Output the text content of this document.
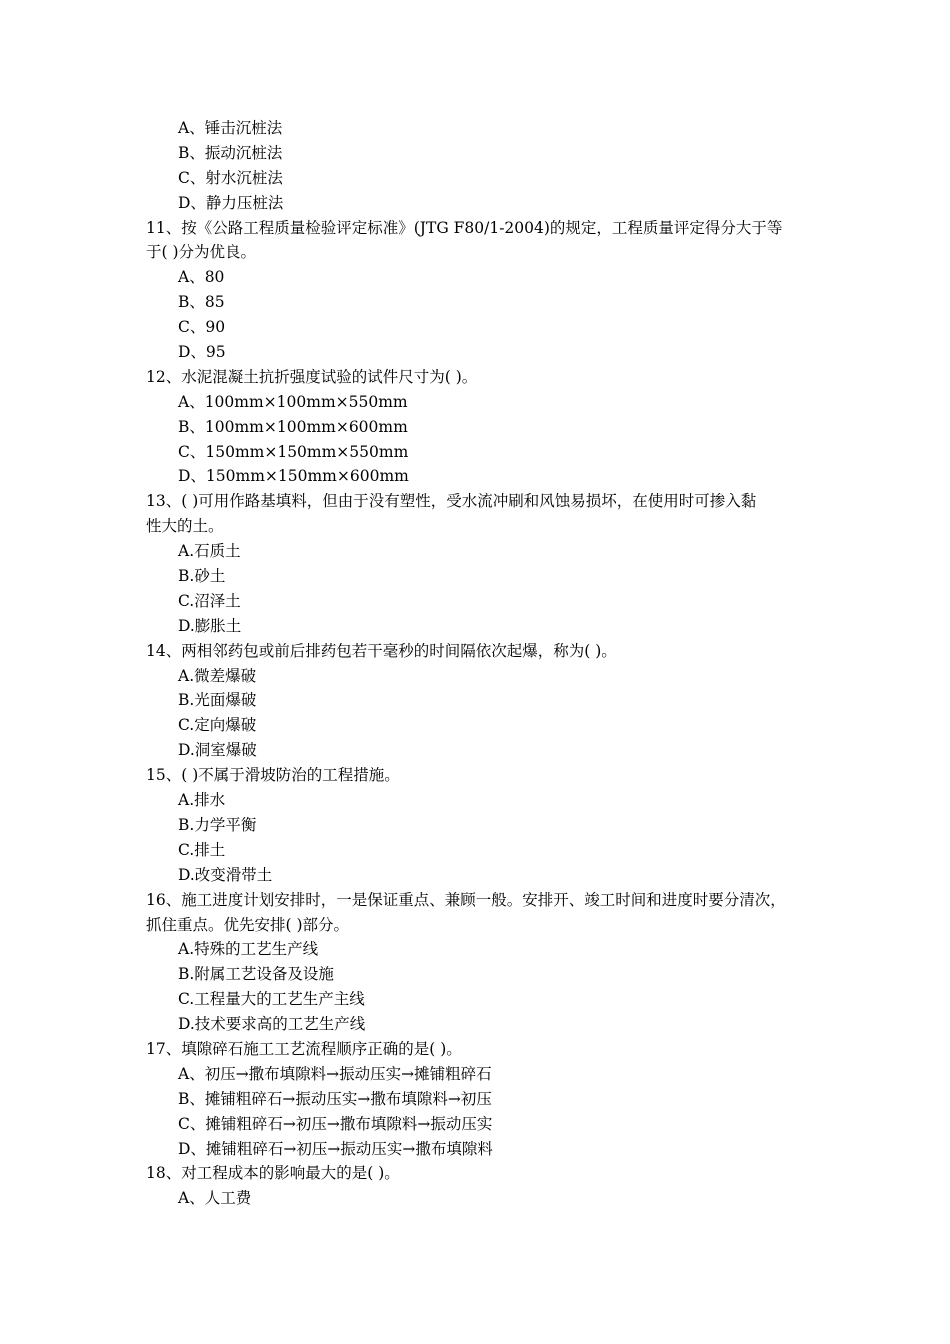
A、锤击沉桩法
B、振动沉桩法
C、射水沉桩法
D、静力压桩法
11、按《公路工程质量检验评定标准》(JTG F80/1-2004)的规定，工程质量评定得分大于等
于( )分为优良。
A、80
B、85
C、90
D、95
12、水泥混凝土抗折强度试验的试件尺寸为( )。
A、100mm×100mm×550mm
B、100mm×100mm×600mm
C、150mm×150mm×550mm
D、150mm×150mm×600mm
13、( )可用作路基填料，但由于没有塑性，受水流冲刷和风蚀易损坏，在使用时可掺入黏
性大的土。
A.石质土
B.砂土
C.沼泽土
D.膨胀土
14、两相邻药包或前后排药包若干毫秒的时间隔依次起爆，称为( )。
A.微差爆破
B.光面爆破
C.定向爆破
D.洞室爆破
15、( )不属于滑坡防治的工程措施。
A.排水
B.力学平衡
C.排土
D.改变滑带土
16、施工进度计划安排时，一是保证重点、兼顾一般。安排开、竣工时间和进度时要分清次，
抓住重点。优先安排( )部分。
A.特殊的工艺生产线
B.附属工艺设备及设施
C.工程量大的工艺生产主线
D.技术要求高的工艺生产线
17、填隙碎石施工工艺流程顺序正确的是( )。
A、初压→撒布填隙料→振动压实→摊铺粗碎石
B、摊铺粗碎石→振动压实→撒布填隙料→初压
C、摊铺粗碎石→初压→撒布填隙料→振动压实
D、摊铺粗碎石→初压→振动压实→撒布填隙料
18、对工程成本的影响最大的是( )。
A、人工费
